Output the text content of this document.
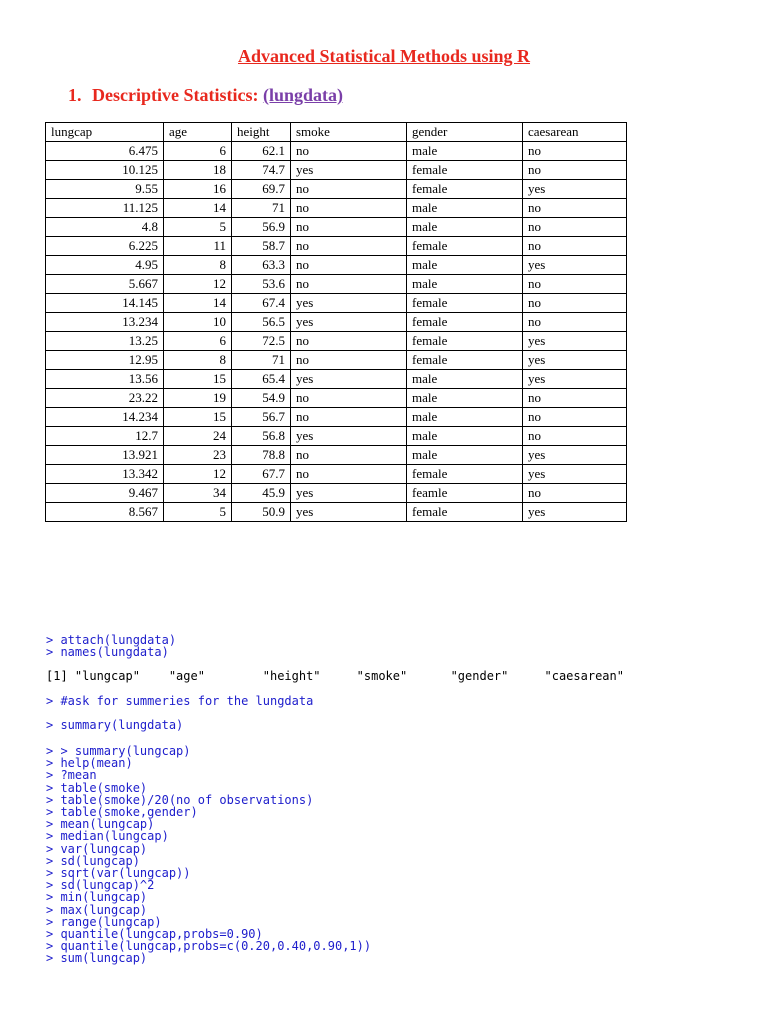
Advanced Statistical Methods using R
1. Descriptive Statistics: (lungdata)
lungcap	age	height	smoke	gender	caesarean
6.475	6	62.1	no	male	no
10.125	18	74.7	yes	female	no
9.55	16	69.7	no	female	yes
11.125	14	71	no	male	no
4.8	5	56.9	no	male	no
6.225	11	58.7	no	female	no
4.95	8	63.3	no	male	yes
5.667	12	53.6	no	male	no
14.145	14	67.4	yes	female	no
13.234	10	56.5	yes	female	no
13.25	6	72.5	no	female	yes
12.95	8	71	no	female	yes
13.56	15	65.4	yes	male	yes
23.22	19	54.9	no	male	no
14.234	15	56.7	no	male	no
12.7	24	56.8	yes	male	no
13.921	23	78.8	no	male	yes
13.342	12	67.7	no	female	yes
9.467	34	45.9	yes	feamle	no
8.567	5	50.9	yes	female	yes
> attach(lungdata)
> names(lungdata)
[1] "lungcap"    "age"        "height"     "smoke"      "gender"     "caesarean"
> #ask for summeries for the lungdata
> summary(lungdata)
> > summary(lungcap)
> help(mean)
> ?mean
> table(smoke)
> table(smoke)/20(no of observations)
> table(smoke,gender)
> mean(lungcap)
> median(lungcap)
> var(lungcap)
> sd(lungcap)
> sqrt(var(lungcap))
> sd(lungcap)^2
> min(lungcap)
> max(lungcap)
> range(lungcap)
> quantile(lungcap,probs=0.90)
> quantile(lungcap,probs=c(0.20,0.40,0.90,1))
> sum(lungcap)
